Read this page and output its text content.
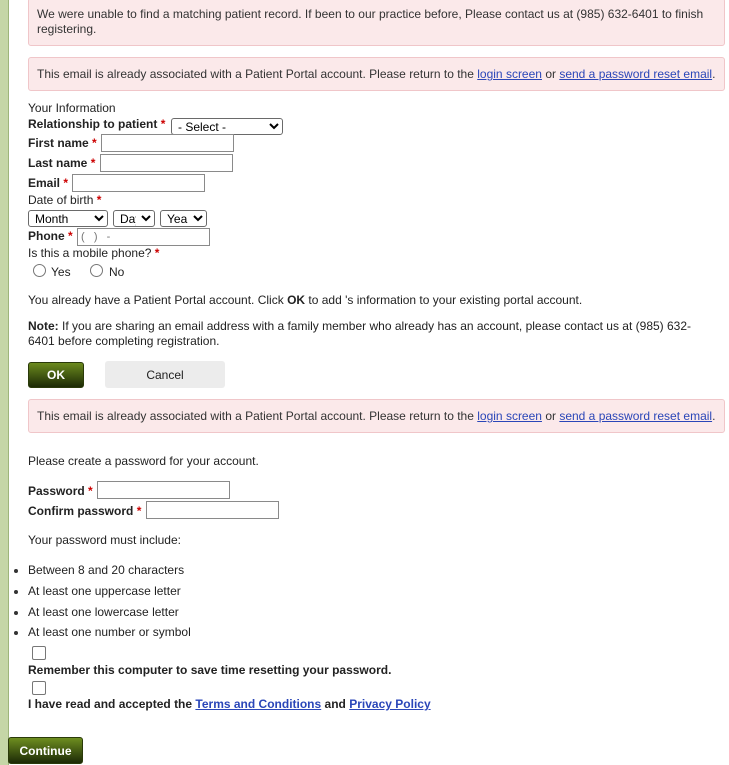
We were unable to find a matching patient record. If been to our practice before, Please contact us at (985) 632-6401 to finish registering.
This email is already associated with a Patient Portal account. Please return to the login screen or send a password reset email.
Your Information
Relationship to patient *
- Select -
First name *
Last name *
Email *
Date of birth *
Month
Day
Year
Phone *
( ) -
Is this a mobile phone? *
Yes	No
You already have a Patient Portal account. Click OK to add 's information to your existing portal account.
Note: If you are sharing an email address with a family member who already has an account, please contact us at (985) 632-
6401 before completing registration.
OK	Cancel
This email is already associated with a Patient Portal account. Please return to the login screen or send a password reset email.
Please create a password for your account.
Password *
Confirm password *
Your password must include:
Between 8 and 20 characters
At least one uppercase letter
At least one lowercase letter
At least one number or symbol
Remember this computer to save time resetting your password.
I have read and accepted the Terms and Conditions and Privacy Policy
Continue
